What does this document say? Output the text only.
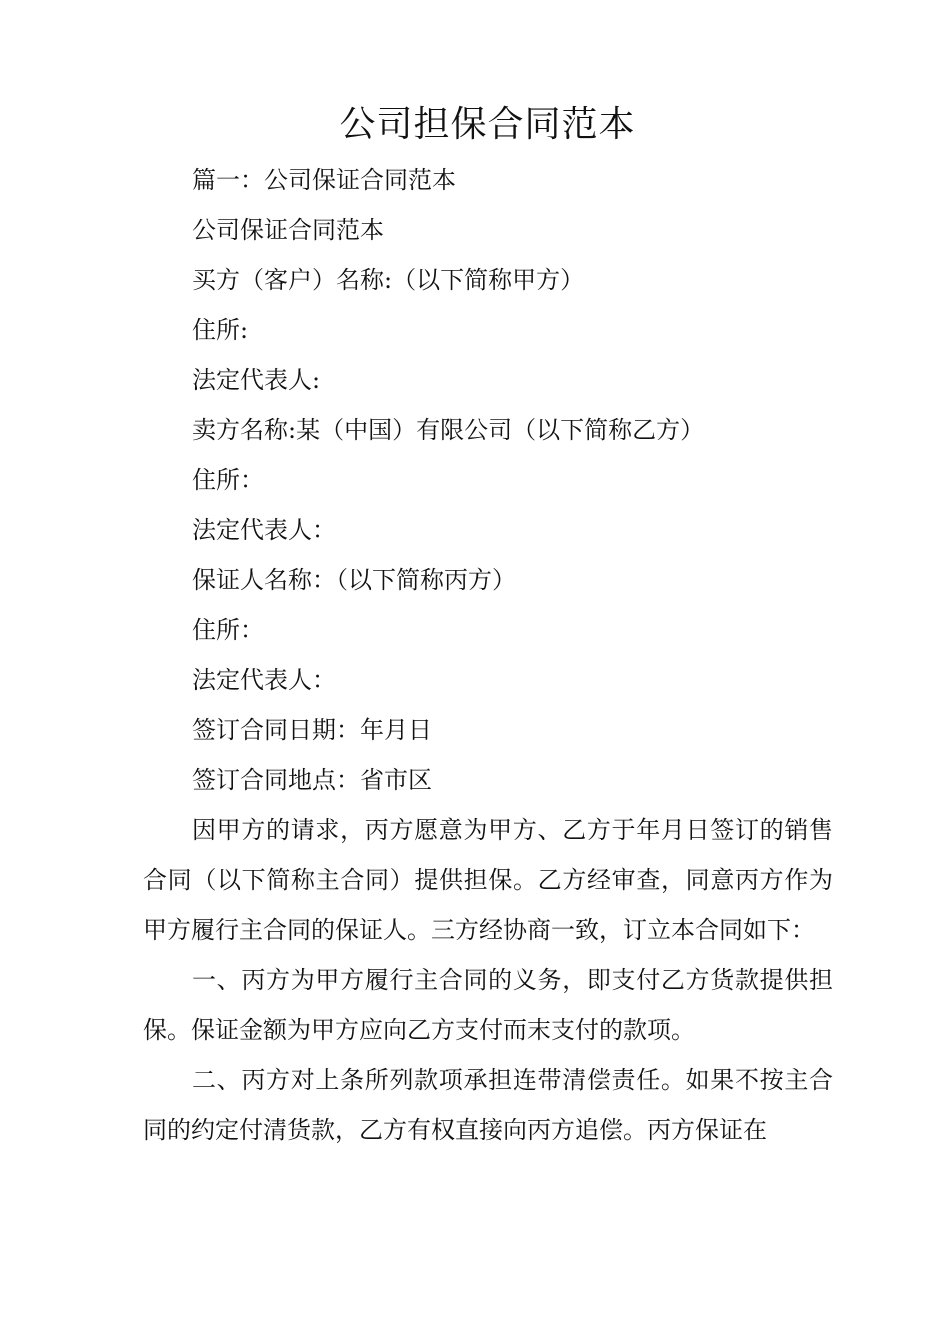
公司担保合同范本
篇一：公司保证合同范本
公司保证合同范本
买方（客户）名称:（以下简称甲方）
住所:
法定代表人:
卖方名称:某（中国）有限公司（以下简称乙方）
住所：
法定代表人：
保证人名称：（以下简称丙方）
住所：
法定代表人：
签订合同日期：年月日
签订合同地点：省市区

因甲方的请求，丙方愿意为甲方、乙方于年月日签订的销售合同（以下简称主合同）提供担保。乙方经审查，同意丙方作为甲方履行主合同的保证人。三方经协商一致，订立本合同如下：

一、丙方为甲方履行主合同的义务，即支付乙方货款提供担保。保证金额为甲方应向乙方支付而末支付的款项。

二、丙方对上条所列款项承担连带清偿责任。如果不按主合同的约定付清货款，乙方有权直接向丙方追偿。丙方保证在
